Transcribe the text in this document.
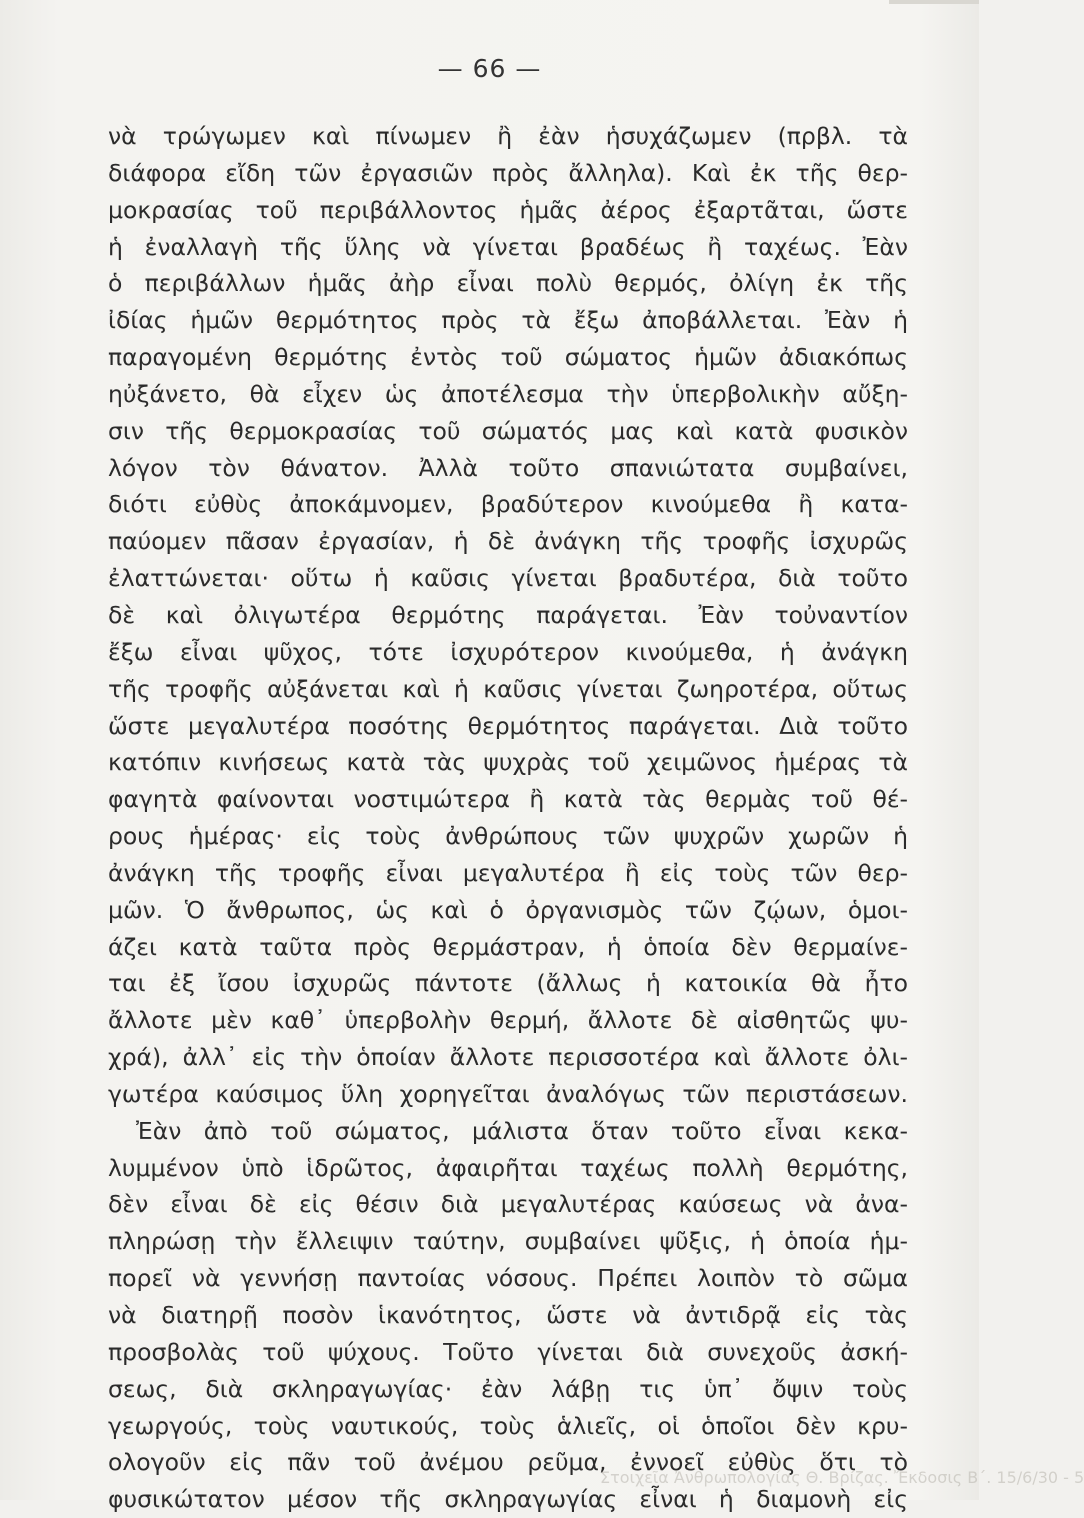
— 66 —
νὰ τρώγωμεν καὶ πίνωμεν ἢ ἐὰν ἡσυχάζωμεν (πρβλ. τὰ
διάφορα εἴδη τῶν ἐργασιῶν πρὸς ἄλληλα). Καὶ ἐκ τῆς θερ-
μοκρασίας τοῦ περιβάλλοντος ἡμᾶς ἀέρος ἐξαρτᾶται, ὥστε
ἡ ἐναλλαγὴ τῆς ὕλης νὰ γίνεται βραδέως ἢ ταχέως. Ἐὰν
ὁ περιβάλλων ἡμᾶς ἀὴρ εἶναι πολὺ θερμός, ὀλίγη ἐκ τῆς
ἰδίας ἡμῶν θερμότητος πρὸς τὰ ἔξω ἀποβάλλεται. Ἐὰν ἡ
παραγομένη θερμότης ἐντὸς τοῦ σώματος ἡμῶν ἀδιακόπως
ηὐξάνετο, θὰ εἶχεν ὡς ἀποτέλεσμα τὴν ὑπερβολικὴν αὔξη-
σιν τῆς θερμοκρασίας τοῦ σώματός μας καὶ κατὰ φυσικὸν
λόγον τὸν θάνατον. Ἀλλὰ τοῦτο σπανιώτατα συμβαίνει,
διότι εὐθὺς ἀποκάμνομεν, βραδύτερον κινούμεθα ἢ κατα-
παύομεν πᾶσαν ἐργασίαν, ἡ δὲ ἀνάγκη τῆς τροφῆς ἰσχυρῶς
ἐλαττώνεται· οὕτω ἡ καῦσις γίνεται βραδυτέρα, διὰ τοῦτο
δὲ καὶ ὀλιγωτέρα θερμότης παράγεται. Ἐὰν τοὐναντίον
ἔξω εἶναι ψῦχος, τότε ἰσχυρότερον κινούμεθα, ἡ ἀνάγκη
τῆς τροφῆς αὐξάνεται καὶ ἡ καῦσις γίνεται ζωηροτέρα, οὕτως
ὥστε μεγαλυτέρα ποσότης θερμότητος παράγεται. Διὰ τοῦτο
κατόπιν κινήσεως κατὰ τὰς ψυχρὰς τοῦ χειμῶνος ἡμέρας τὰ
φαγητὰ φαίνονται νοστιμώτερα ἢ κατὰ τὰς θερμὰς τοῦ θέ-
ρους ἡμέρας· εἰς τοὺς ἀνθρώπους τῶν ψυχρῶν χωρῶν ἡ
ἀνάγκη τῆς τροφῆς εἶναι μεγαλυτέρα ἢ εἰς τοὺς τῶν θερ-
μῶν. Ὁ ἄνθρωπος, ὡς καὶ ὁ ὀργανισμὸς τῶν ζῴων, ὁμοι-
άζει κατὰ ταῦτα πρὸς θερμάστραν, ἡ ὁποία δὲν θερμαίνε-
ται ἐξ ἴσου ἰσχυρῶς πάντοτε (ἄλλως ἡ κατοικία θὰ ἦτο
ἄλλοτε μὲν καθ᾽ ὑπερβολὴν θερμή, ἄλλοτε δὲ αἰσθητῶς ψυ-
χρά), ἀλλ᾽ εἰς τὴν ὁποίαν ἄλλοτε περισσοτέρα καὶ ἄλλοτε ὀλι-
γωτέρα καύσιμος ὕλη χορηγεῖται ἀναλόγως τῶν περιστάσεων.
Ἐὰν ἀπὸ τοῦ σώματος, μάλιστα ὅταν τοῦτο εἶναι κεκα-
λυμμένον ὑπὸ ἱδρῶτος, ἀφαιρῆται ταχέως πολλὴ θερμότης,
δὲν εἶναι δὲ εἰς θέσιν διὰ μεγαλυτέρας καύσεως νὰ ἀνα-
πληρώσῃ τὴν ἔλλειψιν ταύτην, συμβαίνει ψῦξις, ἡ ὁποία ἡμ-
πορεῖ νὰ γεννήσῃ παντοίας νόσους. Πρέπει λοιπὸν τὸ σῶμα
νὰ διατηρῇ ποσὸν ἱκανότητος, ὥστε νὰ ἀντιδρᾷ εἰς τὰς
προσβολὰς τοῦ ψύχους. Τοῦτο γίνεται διὰ συνεχοῦς ἀσκή-
σεως, διὰ σκληραγωγίας· ἐὰν λάβῃ τις ὑπ᾽ ὄψιν τοὺς
γεωργούς, τοὺς ναυτικούς, τοὺς ἁλιεῖς, οἱ ὁποῖοι δὲν κρυ-
ολογοῦν εἰς πᾶν τοῦ ἀνέμου ρεῦμα, ἐννοεῖ εὐθὺς ὅτι τὸ
φυσικώτατον μέσον τῆς σκληραγωγίας εἶναι ἡ διαμονὴ εἰς
Στοιχεῖα Ἀνθρωπολογίας Θ. Βρίζας. Ἔκδοσις Β΄. 15/6/30 - 5
